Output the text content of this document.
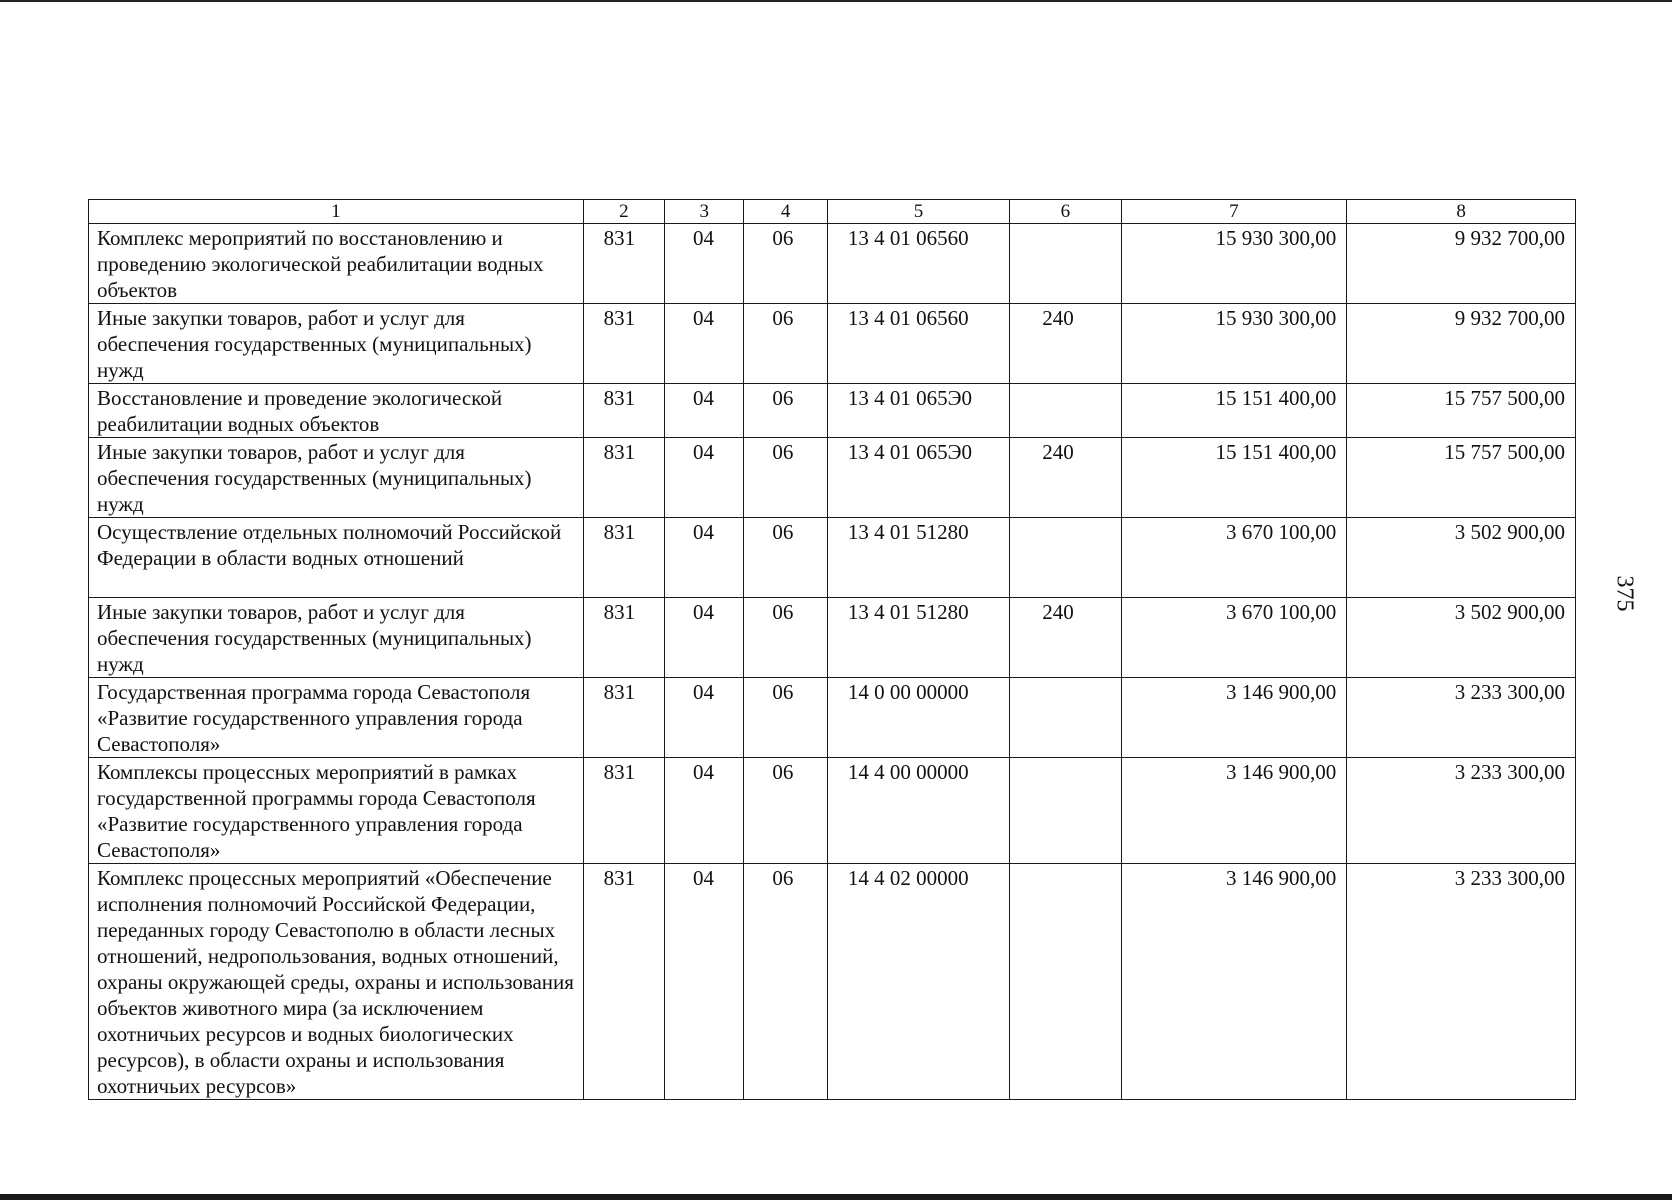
1	2	3	4	5	6	7	8
Комплекс мероприятий по восстановлению и проведению экологической реабилитации водных объектов	831	04	06	13 4 01 06560		15 930 300,00	9 932 700,00
Иные закупки товаров, работ и услуг для обеспечения государственных (муниципальных) нужд	831	04	06	13 4 01 06560	240	15 930 300,00	9 932 700,00
Восстановление и проведение экологической реабилитации водных объектов	831	04	06	13 4 01 065Э0		15 151 400,00	15 757 500,00
Иные закупки товаров, работ и услуг для обеспечения государственных (муниципальных) нужд	831	04	06	13 4 01 065Э0	240	15 151 400,00	15 757 500,00
Осуществление отдельных полномочий Российской Федерации в области водных отношений	831	04	06	13 4 01 51280		3 670 100,00	3 502 900,00
Иные закупки товаров, работ и услуг для обеспечения государственных (муниципальных) нужд	831	04	06	13 4 01 51280	240	3 670 100,00	3 502 900,00
Государственная программа города Севастополя «Развитие государственного управления города Севастополя»	831	04	06	14 0 00 00000		3 146 900,00	3 233 300,00
Комплексы процессных мероприятий в рамках государственной программы города Севастополя «Развитие государственного управления города Севастополя»	831	04	06	14 4 00 00000		3 146 900,00	3 233 300,00
Комплекс процессных мероприятий «Обеспечение исполнения полномочий Российской Федерации, переданных городу Севастополю в области лесных отношений, недропользования, водных отношений, охраны окружающей среды, охраны и использования объектов животного мира (за исключением охотничьих ресурсов и водных биологических ресурсов), в области охраны и использования охотничьих ресурсов»	831	04	06	14 4 02 00000		3 146 900,00	3 233 300,00
375
